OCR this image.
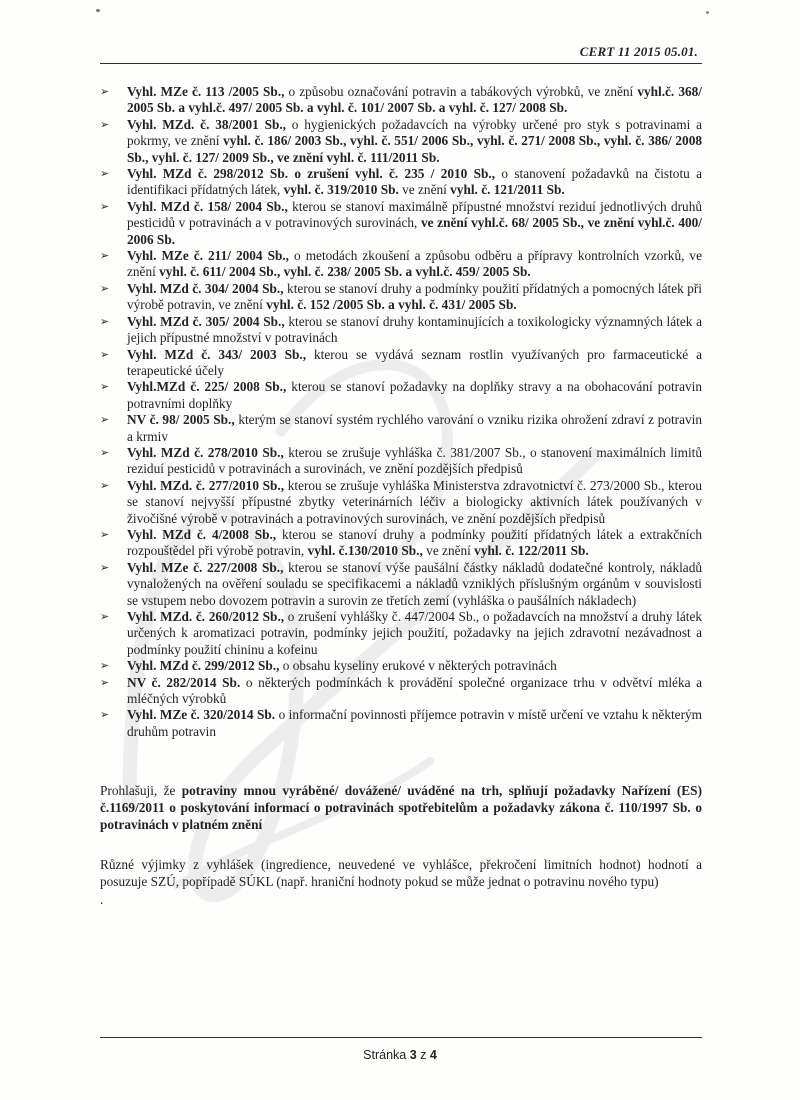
CERT 11 2015 05.01.
➢	Vyhl. MZe č. 113 /2005 Sb., o způsobu označování potravin a tabákových výrobků, ve znění vyhl.č. 368/ 2005 Sb. a vyhl.č. 497/ 2005 Sb. a vyhl. č. 101/ 2007 Sb. a vyhl. č. 127/ 2008 Sb.
➢	Vyhl. MZd. č. 38/2001 Sb., o hygienických požadavcích na výrobky určené pro styk s potravinami a pokrmy, ve znění vyhl. č. 186/ 2003 Sb., vyhl. č. 551/ 2006 Sb., vyhl. č. 271/ 2008 Sb., vyhl. č. 386/ 2008 Sb., vyhl. č. 127/ 2009 Sb., ve znění vyhl. č. 111/2011 Sb.
➢	Vyhl. MZd č. 298/2012 Sb. o zrušení vyhl. č. 235 / 2010 Sb., o stanovení požadavků na čistotu a identifikaci přídatných látek, vyhl. č. 319/2010 Sb. ve znění vyhl. č. 121/2011 Sb.
➢	Vyhl. MZd č. 158/ 2004 Sb., kterou se stanoví maximálně přípustné množství reziduí jednotlivých druhů pesticidů v potravinách a v potravinových surovinách, ve znění vyhl.č. 68/ 2005 Sb., ve znění vyhl.č. 400/ 2006 Sb.
➢	Vyhl. MZe č. 211/ 2004 Sb., o metodách zkoušení a způsobu odběru a přípravy kontrolních vzorků, ve znění vyhl. č. 611/ 2004 Sb., vyhl. č. 238/ 2005 Sb. a vyhl.č. 459/ 2005 Sb.
➢	Vyhl. MZd č. 304/ 2004 Sb., kterou se stanoví druhy a podmínky použití přídatných a pomocných látek při výrobě potravin, ve znění vyhl. č. 152 /2005 Sb. a vyhl. č. 431/ 2005 Sb.
➢	Vyhl. MZd č. 305/ 2004 Sb., kterou se stanoví druhy kontaminujících a toxikologicky významných látek a jejich přípustné množství v potravinách
➢	Vyhl. MZd č. 343/ 2003 Sb., kterou se vydává seznam rostlin využívaných pro farmaceutické a terapeutické účely
➢	Vyhl.MZd č. 225/ 2008 Sb., kterou se stanoví požadavky na doplňky stravy a na obohacování potravin potravními doplňky
➢	NV č. 98/ 2005 Sb., kterým se stanoví systém rychlého varování o vzniku rizika ohrožení zdraví z potravin a krmiv
➢	Vyhl. MZd č. 278/2010 Sb., kterou se zrušuje vyhláška č. 381/2007 Sb., o stanovení maximálních limitů reziduí pesticidů v potravinách a surovinách, ve znění pozdějších předpisů
➢	Vyhl. MZd. č. 277/2010 Sb., kterou se zrušuje vyhláška Ministerstva zdravotnictví č. 273/2000 Sb., kterou se stanoví nejvyšší přípustné zbytky veterinárních léčiv a biologicky aktivních látek používaných v živočišné výrobě v potravinách a potravinových surovinách, ve znění pozdějších předpisů
➢	Vyhl. MZd č. 4/2008 Sb., kterou se stanoví druhy a podmínky použití přídatných látek a extrakčních rozpouštědel při výrobě potravin, vyhl. č.130/2010 Sb., ve znění vyhl. č. 122/2011 Sb.
➢	Vyhl. MZe č. 227/2008 Sb., kterou se stanoví výše paušální částky nákladů dodatečné kontroly, nákladů vynaložených na ověření souladu se specifikacemi a nákladů vzniklých příslušným orgánům v souvislosti se vstupem nebo dovozem potravin a surovin ze třetích zemí (vyhláška o paušálních nákladech)
➢	Vyhl. MZd. č. 260/2012 Sb., o zrušení vyhlášky č. 447/2004 Sb., o požadavcích na množství a druhy látek určených k aromatizaci potravin, podmínky jejich použití, požadavky na jejich zdravotní nezávadnost a podmínky použití chininu a kofeinu
➢	Vyhl. MZd č. 299/2012 Sb., o obsahu kyseliny erukové v některých potravinách
➢	NV č. 282/2014 Sb. o některých podmínkách k provádění společné organizace trhu v odvětví mléka a mléčných výrobků
➢	Vyhl. MZe č. 320/2014 Sb. o informační povinnosti příjemce potravin v místě určení ve vztahu k některým druhům potravin
Prohlašuji, že potraviny mnou vyráběné/ dovážené/ uváděné na trh, splňují požadavky Nařízení (ES) č.1169/2011 o poskytování informací o potravinách spotřebitelům a požadavky zákona č. 110/1997 Sb. o potravinách v platném znění
Různé výjimky z vyhlášek (ingredience, neuvedené ve vyhlášce, překročení limitních hodnot) hodnotí a posuzuje SZÚ, popřípadě SÚKL (např. hraniční hodnoty pokud se může jednat o potravinu nového typu)
.
Stránka 3 z 4
